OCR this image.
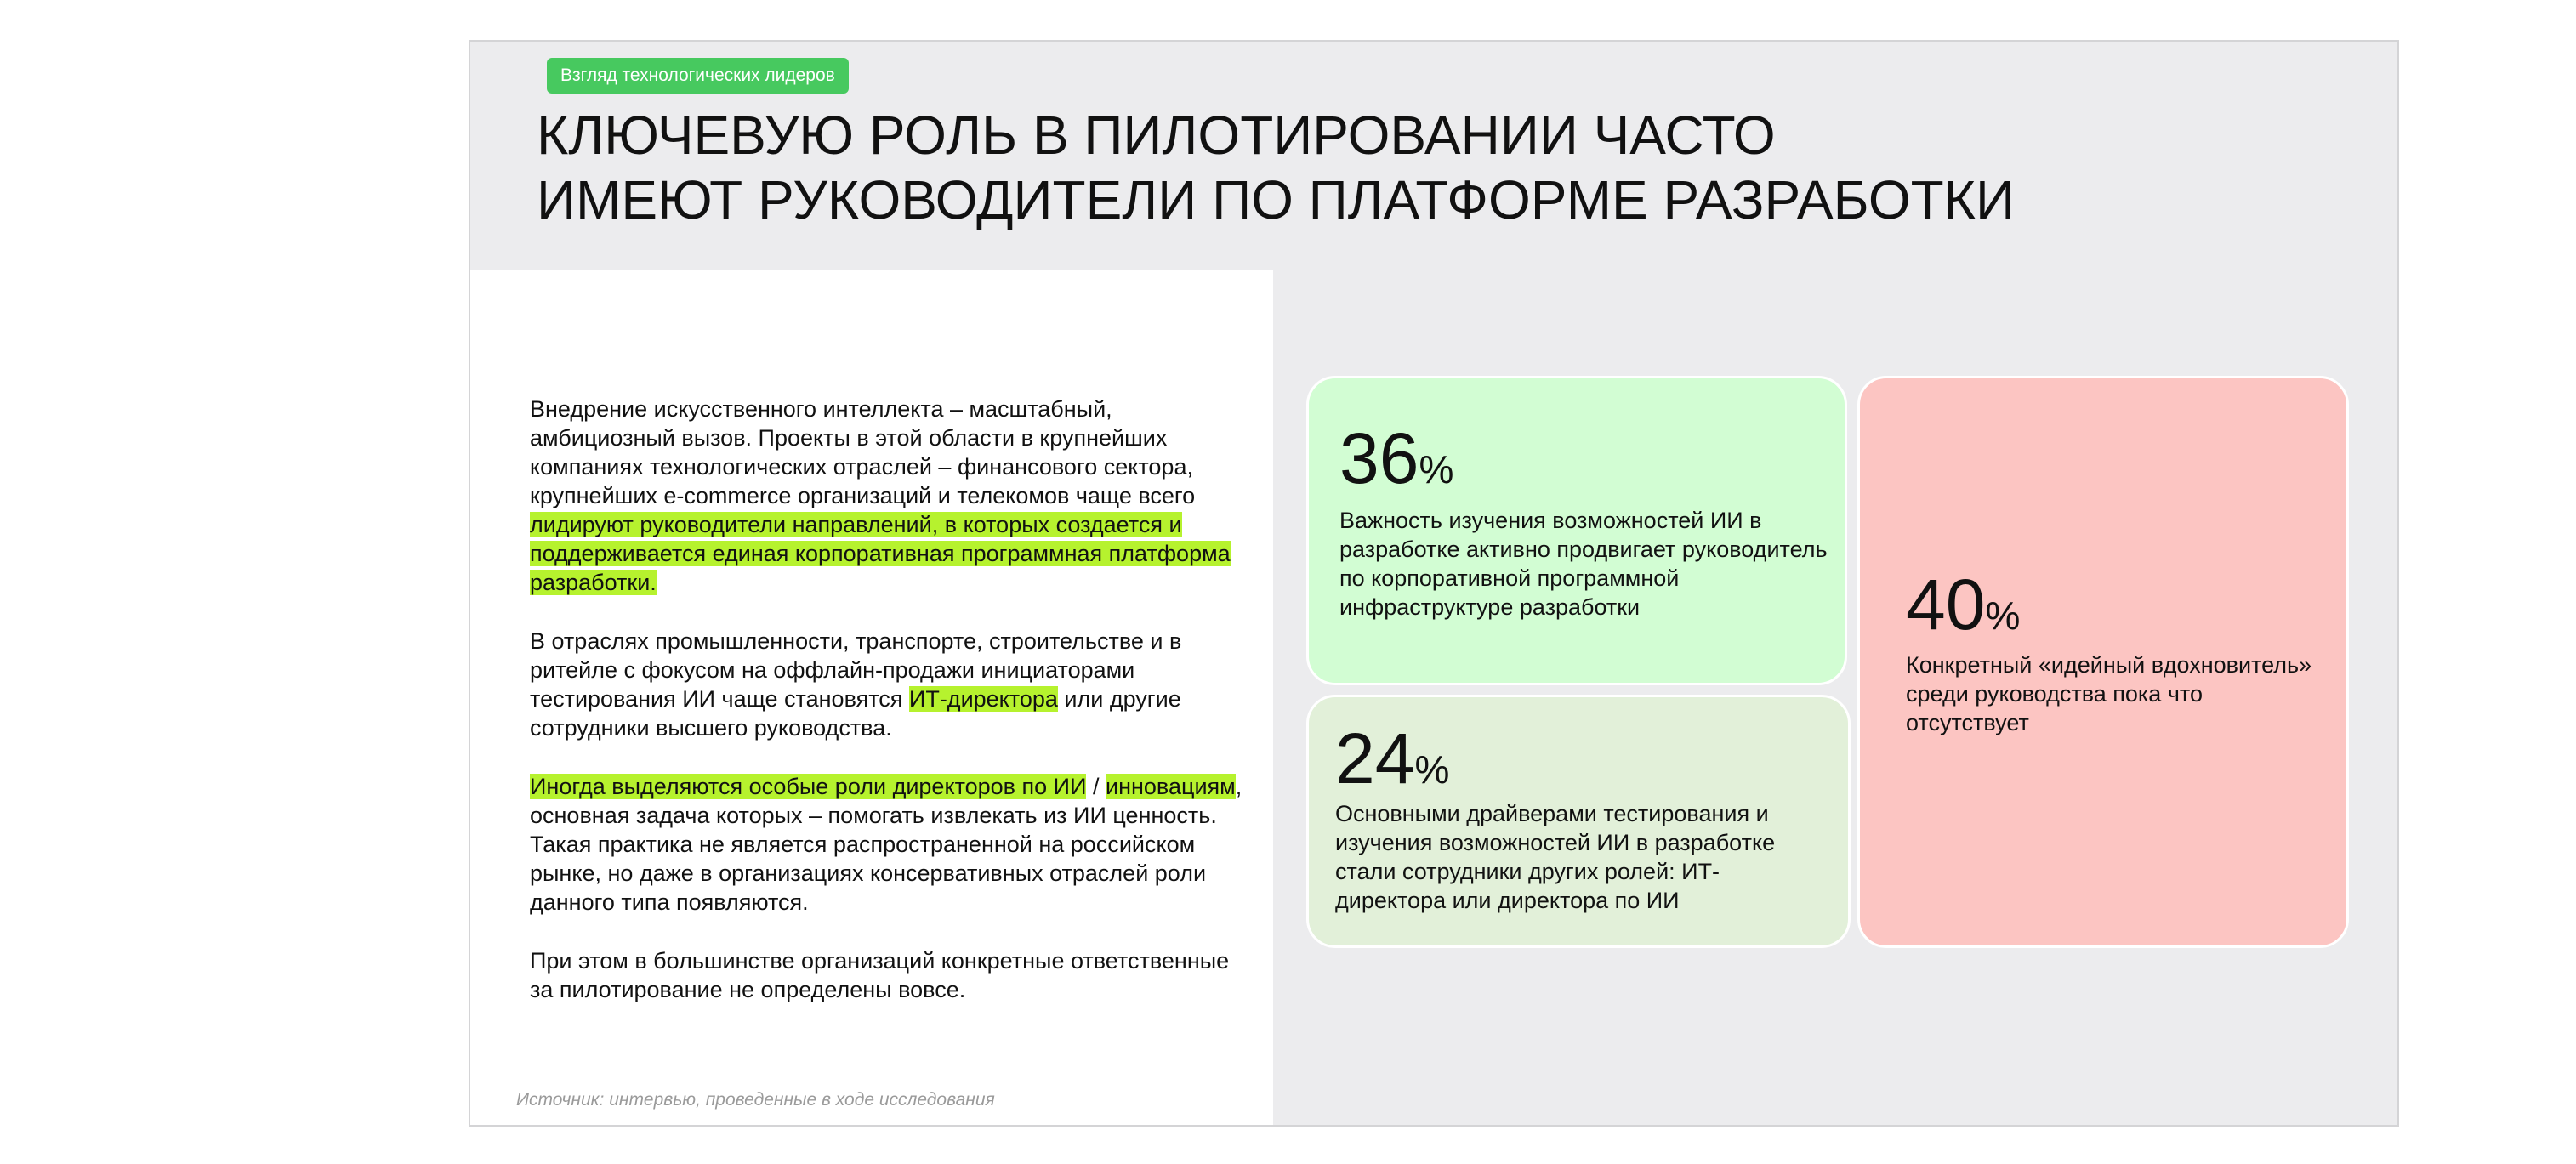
Взгляд технологических лидеров
КЛЮЧЕВУЮ РОЛЬ В ПИЛОТИРОВАНИИ ЧАСТО
ИМЕЮТ РУКОВОДИТЕЛИ ПО ПЛАТФОРМЕ РАЗРАБОТКИ

Внедрение искусственного интеллекта – масштабный, амбициозный вызов. Проекты в этой области в крупнейших компаниях технологических отраслей – финансового сектора, крупнейших e-commerce организаций и телекомов чаще всего лидируют руководители направлений, в которых создается и поддерживается единая корпоративная программная платформа разработки.

В отраслях промышленности, транспорте, строительстве и в ритейле с фокусом на оффлайн-продажи инициаторами тестирования ИИ чаще становятся ИТ-директора или другие сотрудники высшего руководства.

Иногда выделяются особые роли директоров по ИИ / инновациям, основная задача которых – помогать извлекать из ИИ ценность. Такая практика не является распространенной на российском рынке, но даже в организациях консервативных отраслей роли данного типа появляются.

При этом в большинстве организаций конкретные ответственные за пилотирование не определены вовсе.

Источник: интервью, проведенные в ходе исследования
36%

Важность изучения возможностей ИИ в разработке активно продвигает руководитель по корпоративной программной инфраструктуре разработки

24%

Основными драйверами тестирования и изучения возможностей ИИ в разработке стали сотрудники других ролей: ИТ-директора или директора по ИИ

40%

Конкретный «идейный вдохновитель» среди руководства пока что отсутствует
